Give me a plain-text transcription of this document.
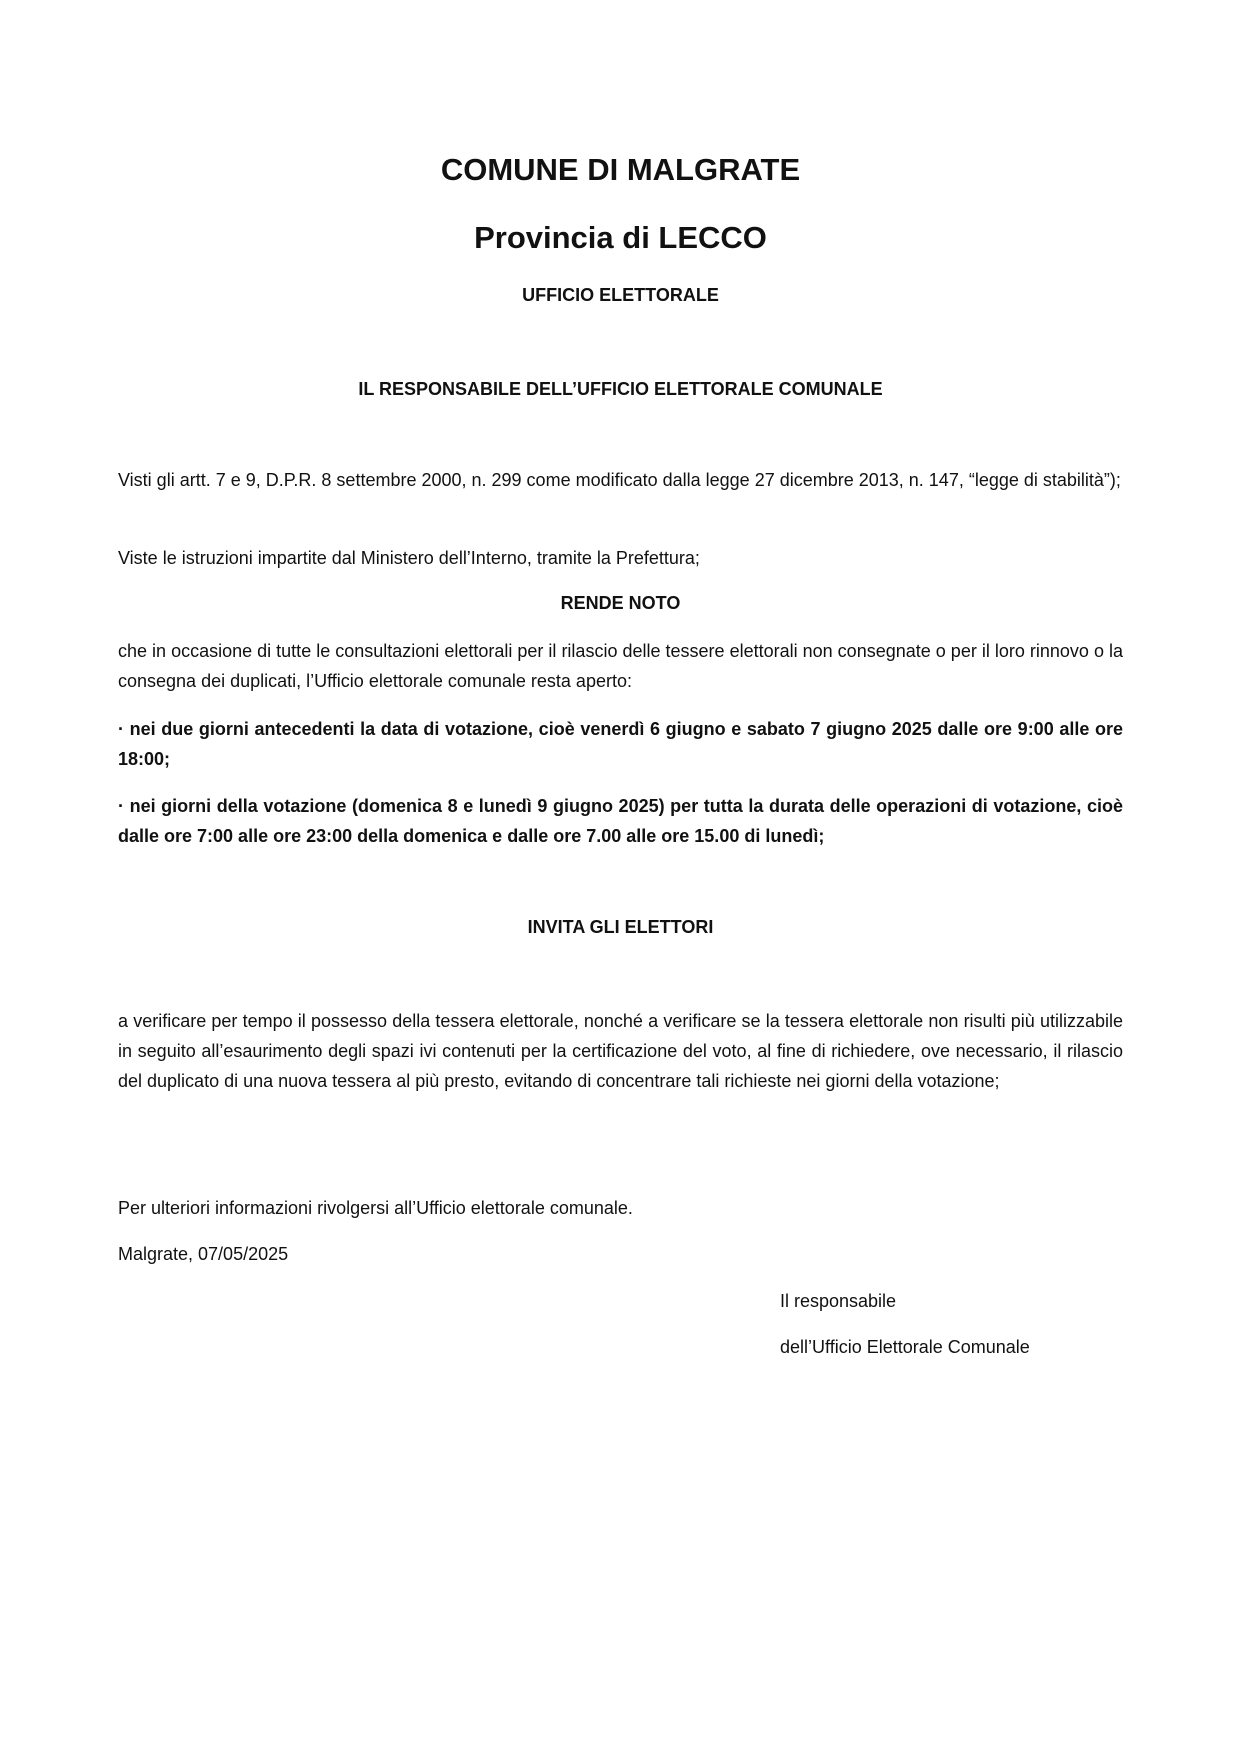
COMUNE DI MALGRATE
Provincia di LECCO
UFFICIO ELETTORALE
IL RESPONSABILE DELL’UFFICIO ELETTORALE COMUNALE
Visti gli artt. 7 e 9, D.P.R. 8 settembre 2000, n. 299 come modificato dalla legge 27 dicembre 2013, n. 147, “legge di stabilità”);
Viste le istruzioni impartite dal Ministero dell’Interno, tramite la Prefettura;
RENDE NOTO
che in occasione di tutte le consultazioni elettorali per il rilascio delle tessere elettorali non consegnate o per il loro rinnovo o la consegna dei duplicati, l’Ufficio elettorale comunale resta aperto:
· nei due giorni antecedenti la data di votazione, cioè venerdì 6 giugno e sabato 7 giugno 2025 dalle ore 9:00 alle ore 18:00;
· nei giorni della votazione (domenica 8 e lunedì 9 giugno 2025) per tutta la durata delle operazioni di votazione, cioè dalle ore 7:00 alle ore 23:00 della domenica e dalle ore 7.00 alle ore 15.00 di lunedì;
INVITA GLI ELETTORI
a verificare per tempo il possesso della tessera elettorale, nonché a verificare se la tessera elettorale non risulti più utilizzabile in seguito all’esaurimento degli spazi ivi contenuti per la certificazione del voto, al fine di richiedere, ove necessario, il rilascio del duplicato di una nuova tessera al più presto, evitando di concentrare tali richieste nei giorni della votazione;
Per ulteriori informazioni rivolgersi all’Ufficio elettorale comunale.
Malgrate, 07/05/2025
Il responsabile
dell’Ufficio Elettorale Comunale
